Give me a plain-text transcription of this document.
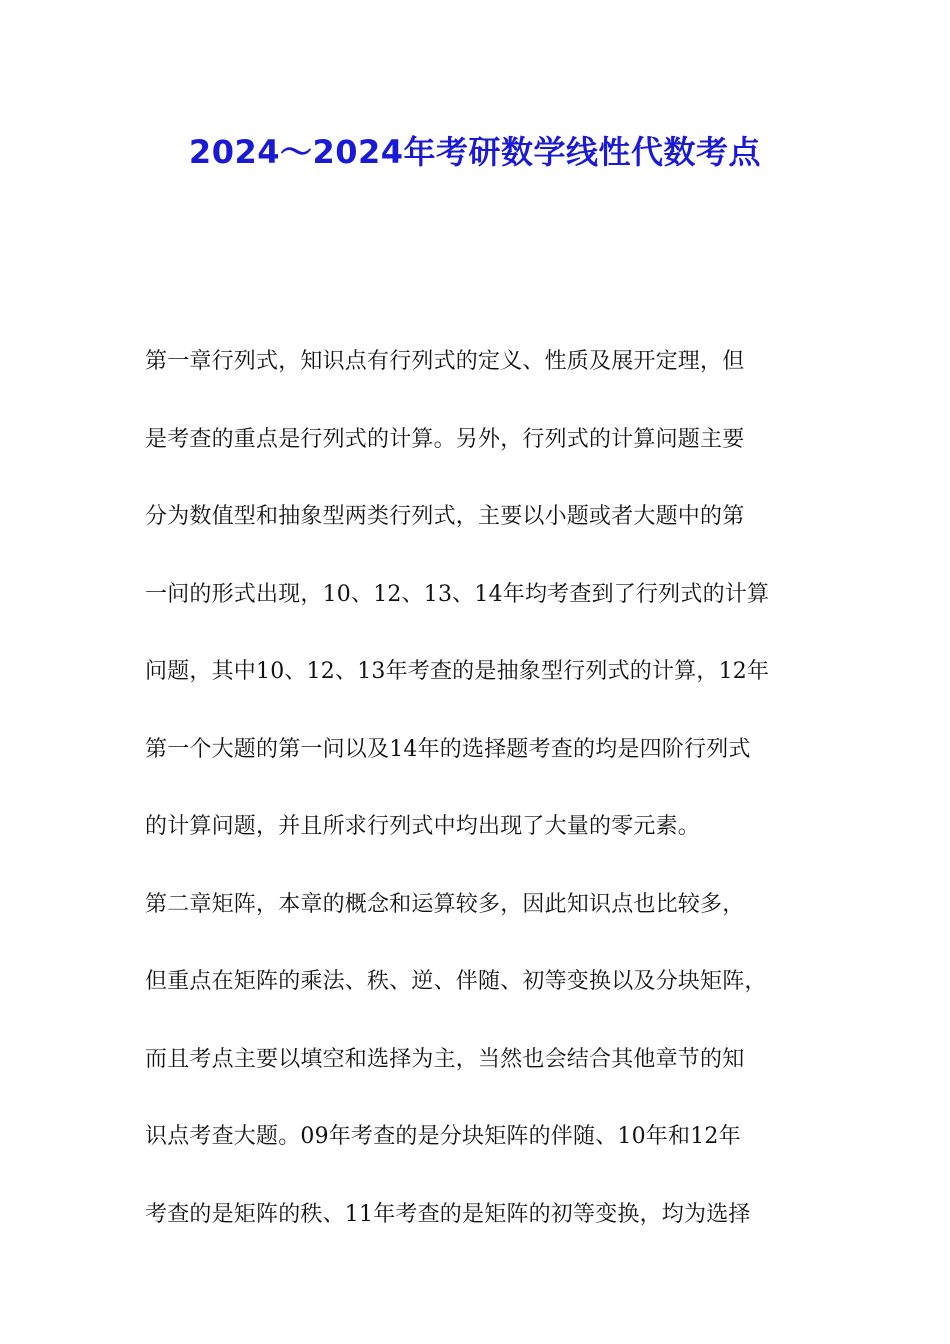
2024～2024年考研数学线性代数考点
第一章行列式，知识点有行列式的定义、性质及展开定理，但
是考查的重点是行列式的计算。另外，行列式的计算问题主要
分为数值型和抽象型两类行列式，主要以小题或者大题中的第
一问的形式出现，10、12、13、14年均考查到了行列式的计算
问题，其中10、12、13年考查的是抽象型行列式的计算，12年
第一个大题的第一问以及14年的选择题考查的均是四阶行列式
的计算问题，并且所求行列式中均出现了大量的零元素。
第二章矩阵，本章的概念和运算较多，因此知识点也比较多，
但重点在矩阵的乘法、秩、逆、伴随、初等变换以及分块矩阵，
而且考点主要以填空和选择为主，当然也会结合其他章节的知
识点考查大题。09年考查的是分块矩阵的伴随、10年和12年
考查的是矩阵的秩、11年考查的是矩阵的初等变换，均为选择
